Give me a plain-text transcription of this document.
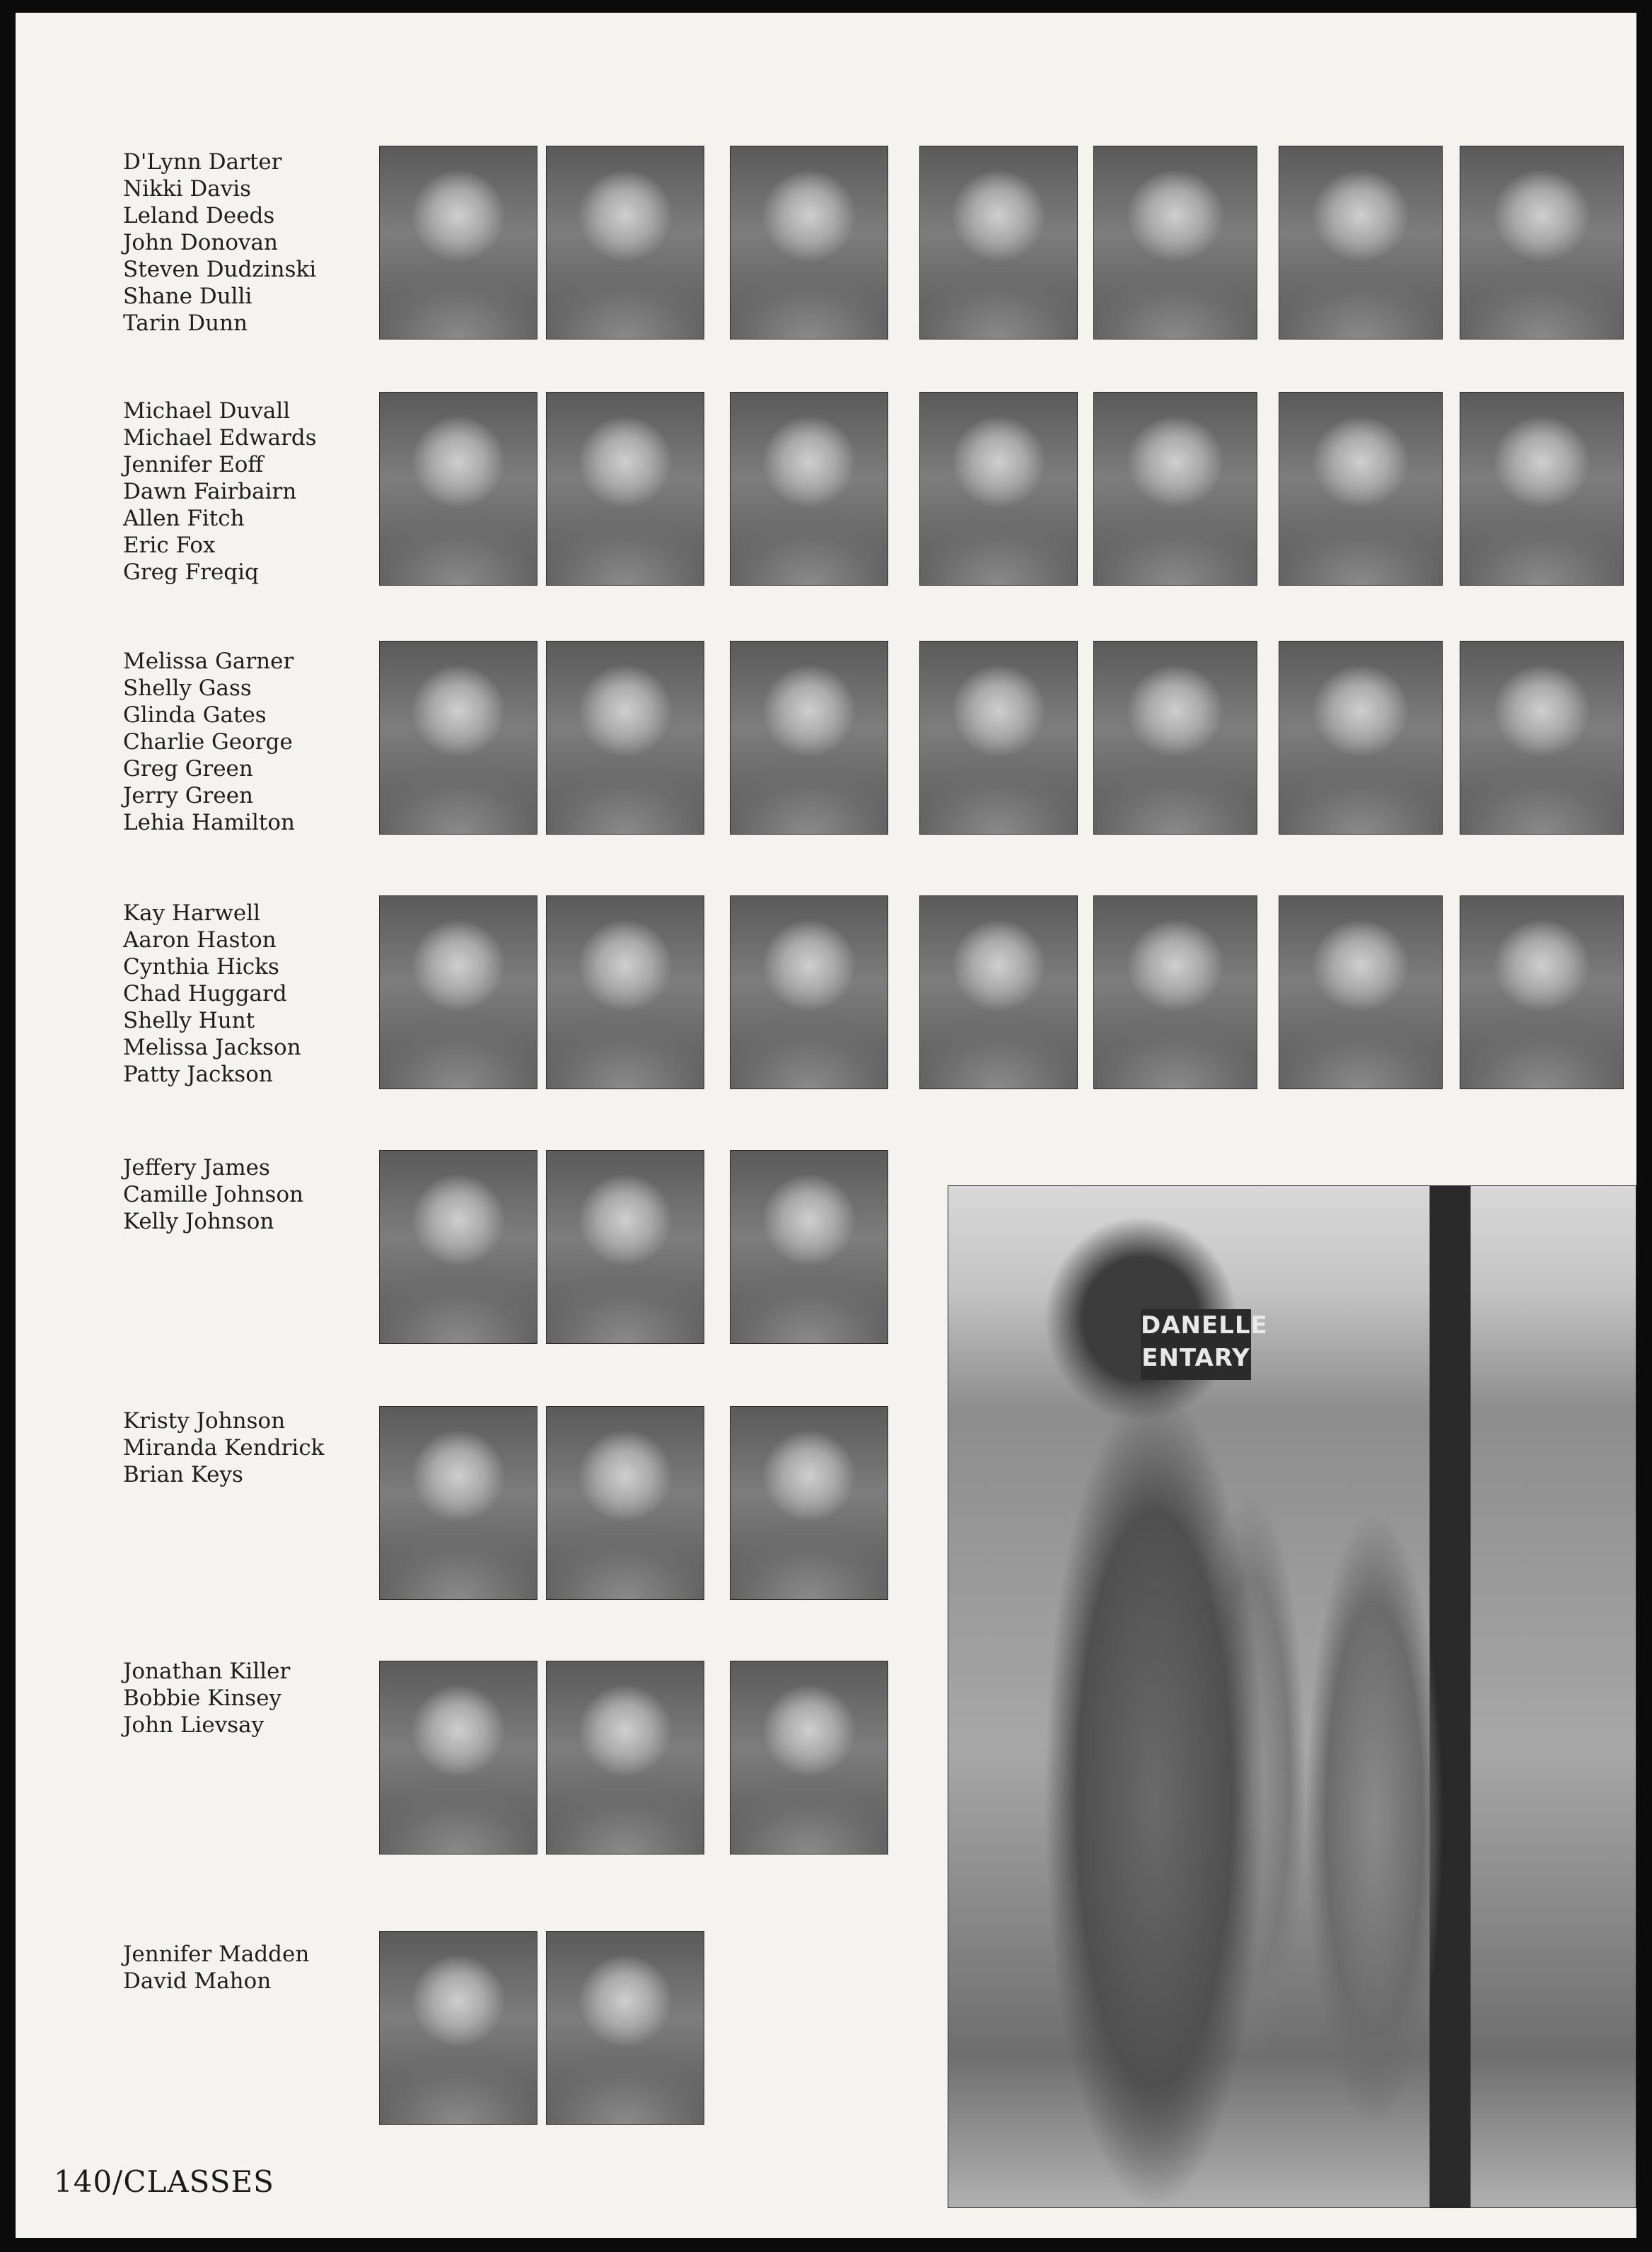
D'Lynn Darter
Nikki Davis
Leland Deeds
John Donovan
Steven Dudzinski
Shane Dulli
Tarin Dunn
Michael Duvall
Michael Edwards
Jennifer Eoff
Dawn Fairbairn
Allen Fitch
Eric Fox
Greg Freqiq
Melissa Garner
Shelly Gass
Glinda Gates
Charlie George
Greg Green
Jerry Green
Lehia Hamilton
Kay Harwell
Aaron Haston
Cynthia Hicks
Chad Huggard
Shelly Hunt
Melissa Jackson
Patty Jackson
Jeffery James
Camille Johnson
Kelly Johnson
Kristy Johnson
Miranda Kendrick
Brian Keys
Jonathan Killer
Bobbie Kinsey
John Lievsay
Jennifer Madden
David Mahon
DANELLE
ENTARY
140/CLASSES
